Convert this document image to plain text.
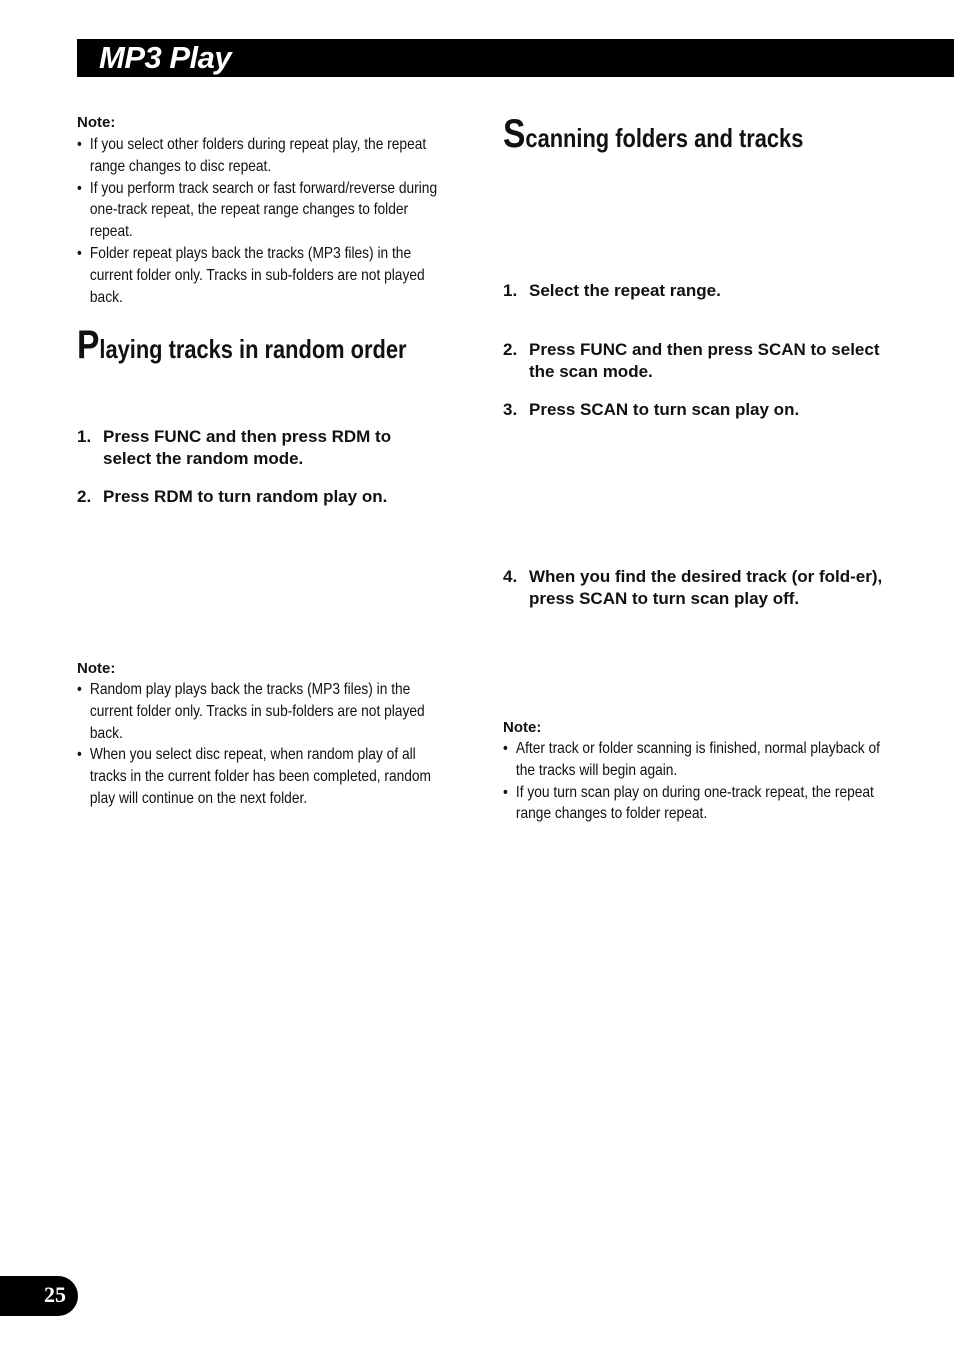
MP3 Play
Note:
• If you select other folders during repeat play, the repeat range changes to disc repeat.
• If you perform track search or fast forward/reverse during one-track repeat, the repeat range changes to folder repeat.
• Folder repeat plays back the tracks (MP3 files) in the current folder only. Tracks in sub-folders are not played back.
Playing tracks in random order
1. Press FUNC and then press RDM to select the random mode.
2. Press RDM to turn random play on.
Note:
• Random play plays back the tracks (MP3 files) in the current folder only. Tracks in sub-folders are not played back.
• When you select disc repeat, when random play of all tracks in the current folder has been completed, random play will continue on the next folder.
Scanning folders and tracks
1. Select the repeat range.
2. Press FUNC and then press SCAN to select the scan mode.
3. Press SCAN to turn scan play on.
4. When you find the desired track (or fold-er), press SCAN to turn scan play off.
Note:
• After track or folder scanning is finished, normal playback of the tracks will begin again.
• If you turn scan play on during one-track repeat, the repeat range changes to folder repeat.
25
